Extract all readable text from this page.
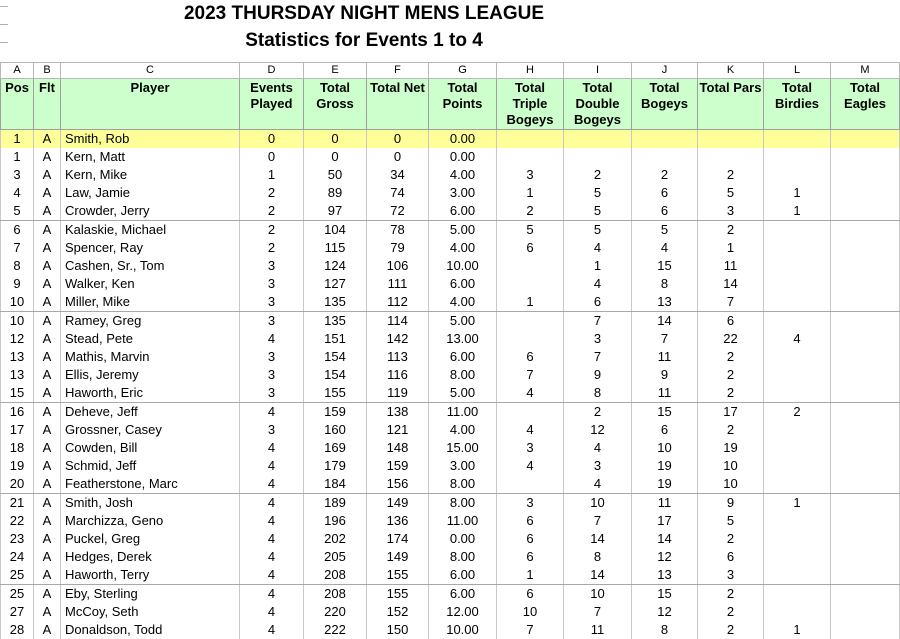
2023 THURSDAY NIGHT MENS LEAGUE
Statistics for Events 1 to 4
A	B	C	D	E	F	G	H	I	J	K	L	M
Pos	Flt	Player	Events Played	Total Gross	Total Net	Total Points	Total Triple Bogeys	Total Double Bogeys	Total Bogeys	Total Pars	Total Birdies	Total Eagles
1	A	Smith, Rob	0	0	0	0.00						
1	A	Kern, Matt	0	0	0	0.00						
3	A	Kern, Mike	1	50	34	4.00	3	2	2	2		
4	A	Law, Jamie	2	89	74	3.00	1	5	6	5	1	
5	A	Crowder, Jerry	2	97	72	6.00	2	5	6	3	1	
6	A	Kalaskie, Michael	2	104	78	5.00	5	5	5	2		
7	A	Spencer, Ray	2	115	79	4.00	6	4	4	1		
8	A	Cashen, Sr., Tom	3	124	106	10.00		1	15	11		
9	A	Walker, Ken	3	127	111	6.00		4	8	14		
10	A	Miller, Mike	3	135	112	4.00	1	6	13	7		
10	A	Ramey, Greg	3	135	114	5.00		7	14	6		
12	A	Stead, Pete	4	151	142	13.00		3	7	22	4	
13	A	Mathis, Marvin	3	154	113	6.00	6	7	11	2		
13	A	Ellis, Jeremy	3	154	116	8.00	7	9	9	2		
15	A	Haworth, Eric	3	155	119	5.00	4	8	11	2		
16	A	Deheve, Jeff	4	159	138	11.00		2	15	17	2	
17	A	Grossner, Casey	3	160	121	4.00	4	12	6	2		
18	A	Cowden, Bill	4	169	148	15.00	3	4	10	19		
19	A	Schmid, Jeff	4	179	159	3.00	4	3	19	10		
20	A	Featherstone, Marc	4	184	156	8.00		4	19	10		
21	A	Smith, Josh	4	189	149	8.00	3	10	11	9	1	
22	A	Marchizza, Geno	4	196	136	11.00	6	7	17	5		
23	A	Puckel, Greg	4	202	174	0.00	6	14	14	2		
24	A	Hedges, Derek	4	205	149	8.00	6	8	12	6		
25	A	Haworth, Terry	4	208	155	6.00	1	14	13	3		
25	A	Eby, Sterling	4	208	155	6.00	6	10	15	2		
27	A	McCoy, Seth	4	220	152	12.00	10	7	12	2		
28	A	Donaldson, Todd	4	222	150	10.00	7	11	8	2	1	
